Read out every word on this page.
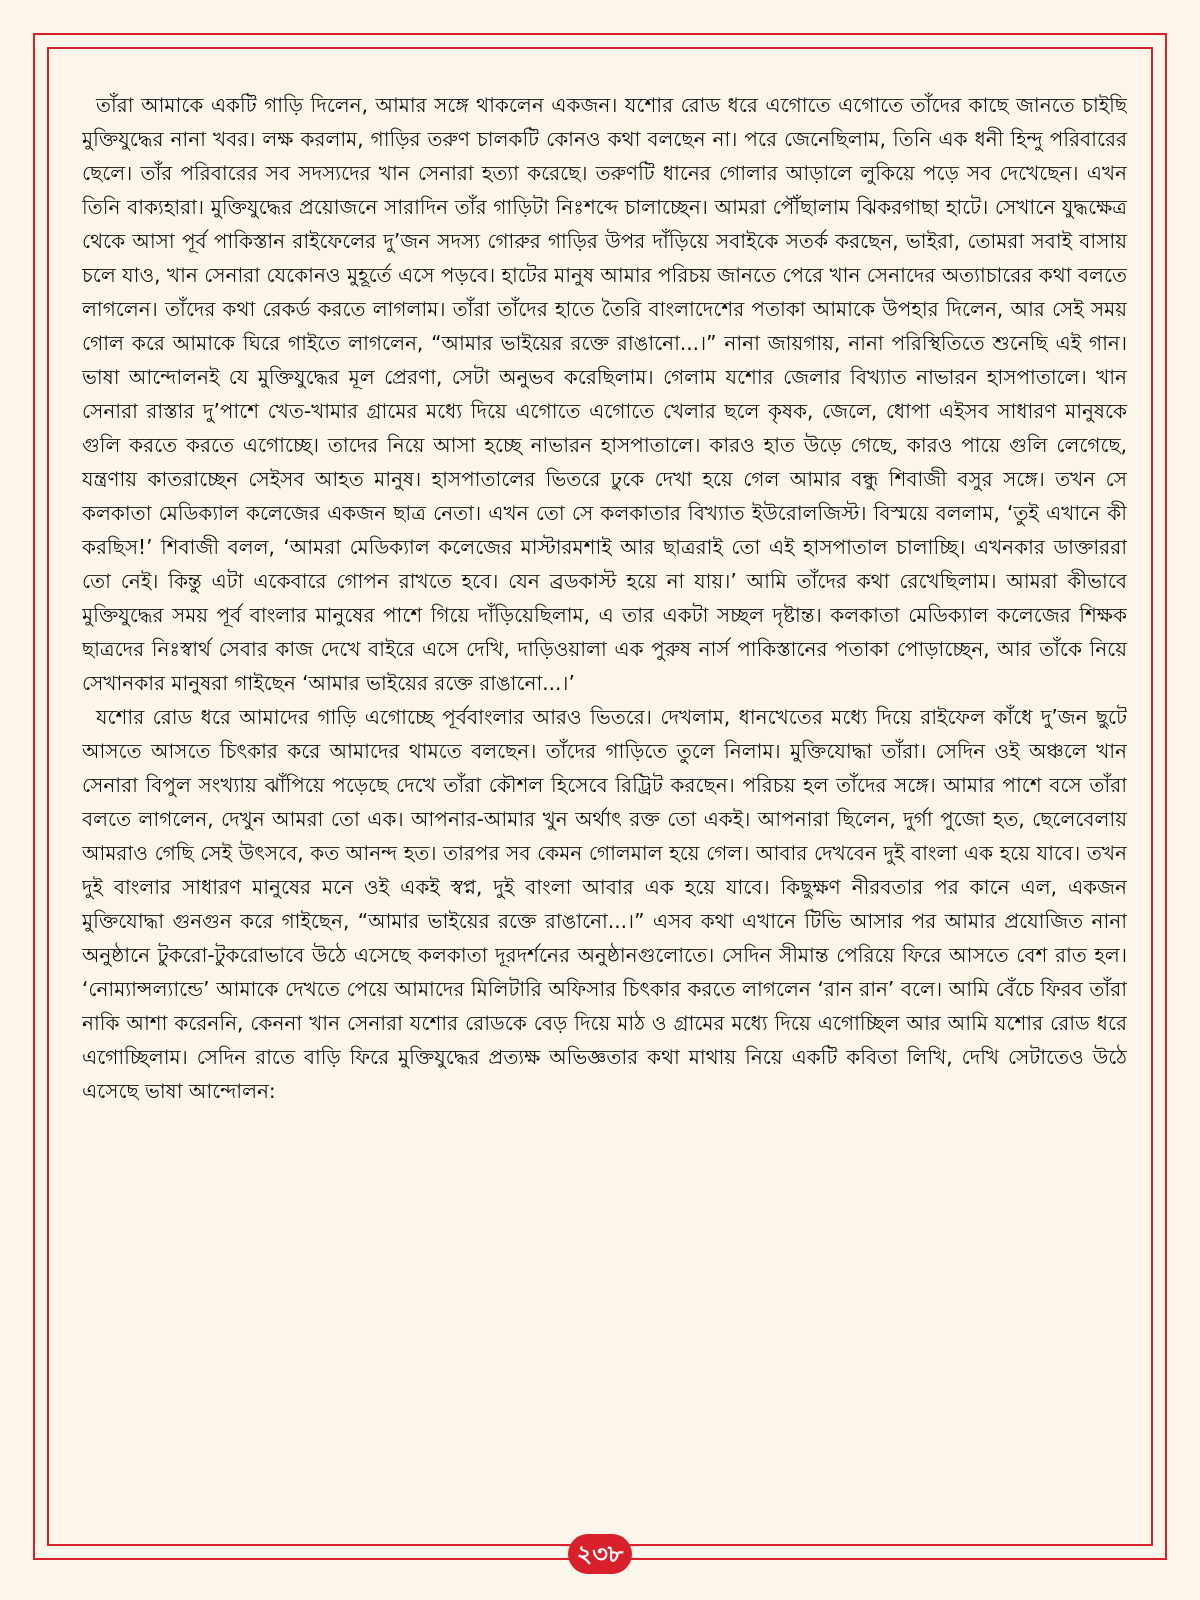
তাঁরা আমাকে একটি গাড়ি দিলেন, আমার সঙ্গে থাকলেন একজন। যশোর রোড ধরে এগোতে এগোতে তাঁদের কাছে জানতে চাইছি মুক্তিযুদ্ধের নানা খবর। লক্ষ করলাম, গাড়ির তরুণ চালকটি কোনও কথা বলছেন না। পরে জেনেছিলাম, তিনি এক ধনী হিন্দু পরিবারের ছেলে। তাঁর পরিবারের সব সদস্যদের খান সেনারা হত্যা করেছে। তরুণটি ধানের গোলার আড়ালে লুকিয়ে পড়ে সব দেখেছেন। এখন তিনি বাক্যহারা। মুক্তিযুদ্ধের প্রয়োজনে সারাদিন তাঁর গাড়িটা নিঃশব্দে চালাচ্ছেন। আমরা পৌঁছালাম ঝিকরগাছা হাটে। সেখানে যুদ্ধক্ষেত্র থেকে আসা পূর্ব পাকিস্তান রাইফেলের দু’জন সদস্য গোরুর গাড়ির উপর দাঁড়িয়ে সবাইকে সতর্ক করছেন, ভাইরা, তোমরা সবাই বাসায় চলে যাও, খান সেনারা যেকোনও মুহূর্তে এসে পড়বে। হাটের মানুষ আমার পরিচয় জানতে পেরে খান সেনাদের অত্যাচারের কথা বলতে লাগলেন। তাঁদের কথা রেকর্ড করতে লাগলাম। তাঁরা তাঁদের হাতে তৈরি বাংলাদেশের পতাকা আমাকে উপহার দিলেন, আর সেই সময় গোল করে আমাকে ঘিরে গাইতে লাগলেন, “আমার ভাইয়ের রক্তে রাঙানো...।” নানা জায়গায়, নানা পরিস্থিতিতে শুনেছি এই গান। ভাষা আন্দোলনই যে মুক্তিযুদ্ধের মূল প্রেরণা, সেটা অনুভব করেছিলাম। গেলাম যশোর জেলার বিখ্যাত নাভারন হাসপাতালে। খান সেনারা রাস্তার দু’পাশে খেত-খামার গ্রামের মধ্যে দিয়ে এগোতে এগোতে খেলার ছলে কৃষক, জেলে, ধোপা এইসব সাধারণ মানুষকে গুলি করতে করতে এগোচ্ছে। তাদের নিয়ে আসা হচ্ছে নাভারন হাসপাতালে। কারও হাত উড়ে গেছে, কারও পায়ে গুলি লেগেছে, যন্ত্রণায় কাতরাচ্ছেন সেইসব আহত মানুষ। হাসপাতালের ভিতরে ঢুকে দেখা হয়ে গেল আমার বন্ধু শিবাজী বসুর সঙ্গে। তখন সে কলকাতা মেডিক্যাল কলেজের একজন ছাত্র নেতা। এখন তো সে কলকাতার বিখ্যাত ইউরোলজিস্ট। বিস্ময়ে বললাম, ‘তুই এখানে কী করছিস!’ শিবাজী বলল, ‘আমরা মেডিক্যাল কলেজের মাস্টারমশাই আর ছাত্ররাই তো এই হাসপাতাল চালাচ্ছি। এখনকার ডাক্তাররা তো নেই। কিন্তু এটা একেবারে গোপন রাখতে হবে। যেন ব্রডকাস্ট হয়ে না যায়।’ আমি তাঁদের কথা রেখেছিলাম। আমরা কীভাবে মুক্তিযুদ্ধের সময় পূর্ব বাংলার মানুষের পাশে গিয়ে দাঁড়িয়েছিলাম, এ তার একটা সচ্ছল দৃষ্টান্ত। কলকাতা মেডিক্যাল কলেজের শিক্ষক ছাত্রদের নিঃস্বার্থ সেবার কাজ দেখে বাইরে এসে দেখি, দাড়িওয়ালা এক পুরুষ নার্স পাকিস্তানের পতাকা পোড়াচ্ছেন, আর তাঁকে নিয়ে সেখানকার মানুষরা গাইছেন ‘আমার ভাইয়ের রক্তে রাঙানো...।’

যশোর রোড ধরে আমাদের গাড়ি এগোচ্ছে পূর্ববাংলার আরও ভিতরে। দেখলাম, ধানখেতের মধ্যে দিয়ে রাইফেল কাঁধে দু’জন ছুটে আসতে আসতে চিৎকার করে আমাদের থামতে বলছেন। তাঁদের গাড়িতে তুলে নিলাম। মুক্তিযোদ্ধা তাঁরা। সেদিন ওই অঞ্চলে খান সেনারা বিপুল সংখ্যায় ঝাঁপিয়ে পড়েছে দেখে তাঁরা কৌশল হিসেবে রিট্রিট করছেন। পরিচয় হল তাঁদের সঙ্গে। আমার পাশে বসে তাঁরা বলতে লাগলেন, দেখুন আমরা তো এক। আপনার-আমার খুন অর্থাৎ রক্ত তো একই। আপনারা ছিলেন, দুর্গা পুজো হত, ছেলেবেলায় আমরাও গেছি সেই উৎসবে, কত আনন্দ হত। তারপর সব কেমন গোলমাল হয়ে গেল। আবার দেখবেন দুই বাংলা এক হয়ে যাবে। তখন দুই বাংলার সাধারণ মানুষের মনে ওই একই স্বপ্ন, দুই বাংলা আবার এক হয়ে যাবে। কিছুক্ষণ নীরবতার পর কানে এল, একজন মুক্তিযোদ্ধা গুনগুন করে গাইছেন, “আমার ভাইয়ের রক্তে রাঙানো...।” এসব কথা এখানে টিভি আসার পর আমার প্রযোজিত নানা অনুষ্ঠানে টুকরো-টুকরোভাবে উঠে এসেছে কলকাতা দূরদর্শনের অনুষ্ঠানগুলোতে। সেদিন সীমান্ত পেরিয়ে ফিরে আসতে বেশ রাত হল। ‘নোম্যান্সল্যান্ডে’ আমাকে দেখতে পেয়ে আমাদের মিলিটারি অফিসার চিৎকার করতে লাগলেন ‘রান রান’ বলে। আমি বেঁচে ফিরব তাঁরা নাকি আশা করেননি, কেননা খান সেনারা যশোর রোডকে বেড় দিয়ে মাঠ ও গ্রামের মধ্যে দিয়ে এগোচ্ছিল আর আমি যশোর রোড ধরে এগোচ্ছিলাম। সেদিন রাতে বাড়ি ফিরে মুক্তিযুদ্ধের প্রত্যক্ষ অভিজ্ঞতার কথা মাথায় নিয়ে একটি কবিতা লিখি, দেখি সেটাতেও উঠে এসেছে ভাষা আন্দোলন:

২৩৮
